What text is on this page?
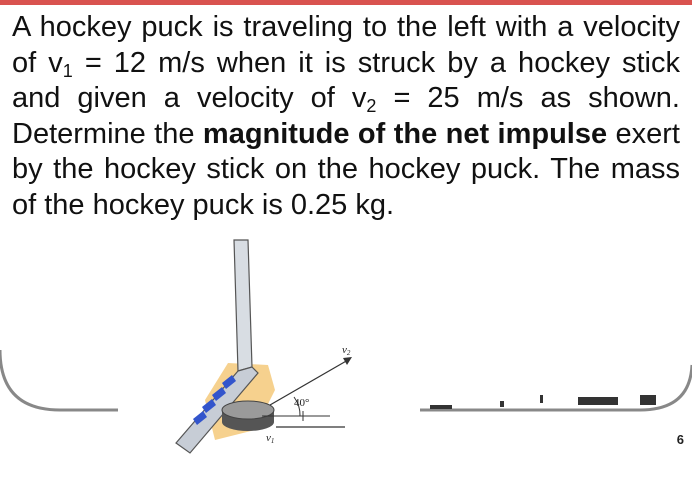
A hockey puck is traveling to the left with a velocity of $v_1 = 12$ m/s when it is struck by a hockey stick and given a velocity of $v_2 = 25$ m/s as shown. Determine the magnitude of the net impulse exert by the hockey stick on the hockey puck. The mass of the hockey puck is 0.25 kg.

v1
v2
40°
6
